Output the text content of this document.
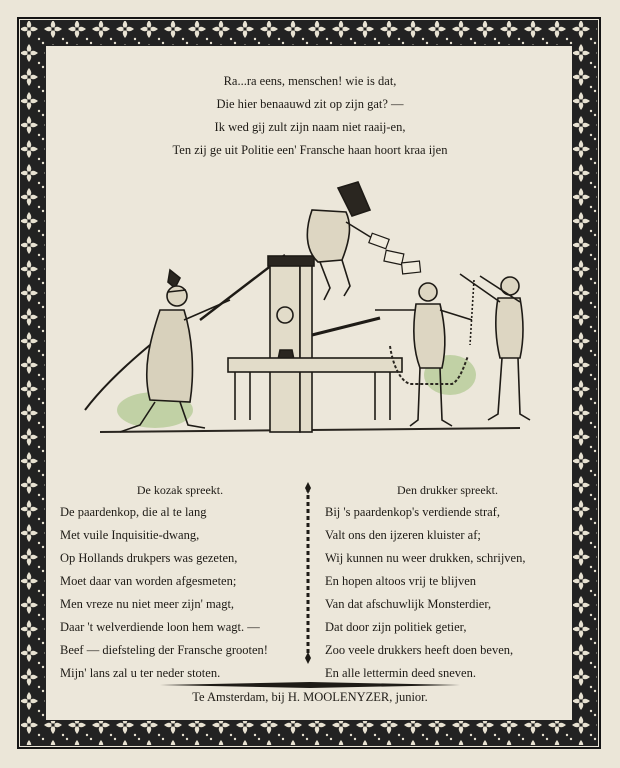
Ra...ra eens, menschen! wie is dat,
Die hier benaauwd zit op zijn gat? —
Ik wed gij zult zijn naam niet raaij-en,
Ten zij ge uit Politie een' Fransche haan hoort kraa ijen
De kozak spreekt.
De paardenkop, die al te lang
Met vuile Inquisitie-dwang,
Op Hollands drukpers was gezeten,
Moet daar van worden afgesmeten;
Men vreze nu niet meer zijn' magt,
Daar 't welverdiende loon hem wagt. —
Beef — diefsteling der Fransche grooten!
Mijn' lans zal u ter neder stoten.
Den drukker spreekt.
Bij 's paardenkop's verdiende straf,
Valt ons den ijzeren kluister af;
Wij kunnen nu weer drukken, schrijven,
En hopen altoos vrij te blijven
Van dat afschuwlijk Monsterdier,
Dat door zijn politiek getier,
Zoo veele drukkers heeft doen beven,
En alle lettermin deed sneven.
Te Amsterdam, bij H. MOOLENYZER, junior.
